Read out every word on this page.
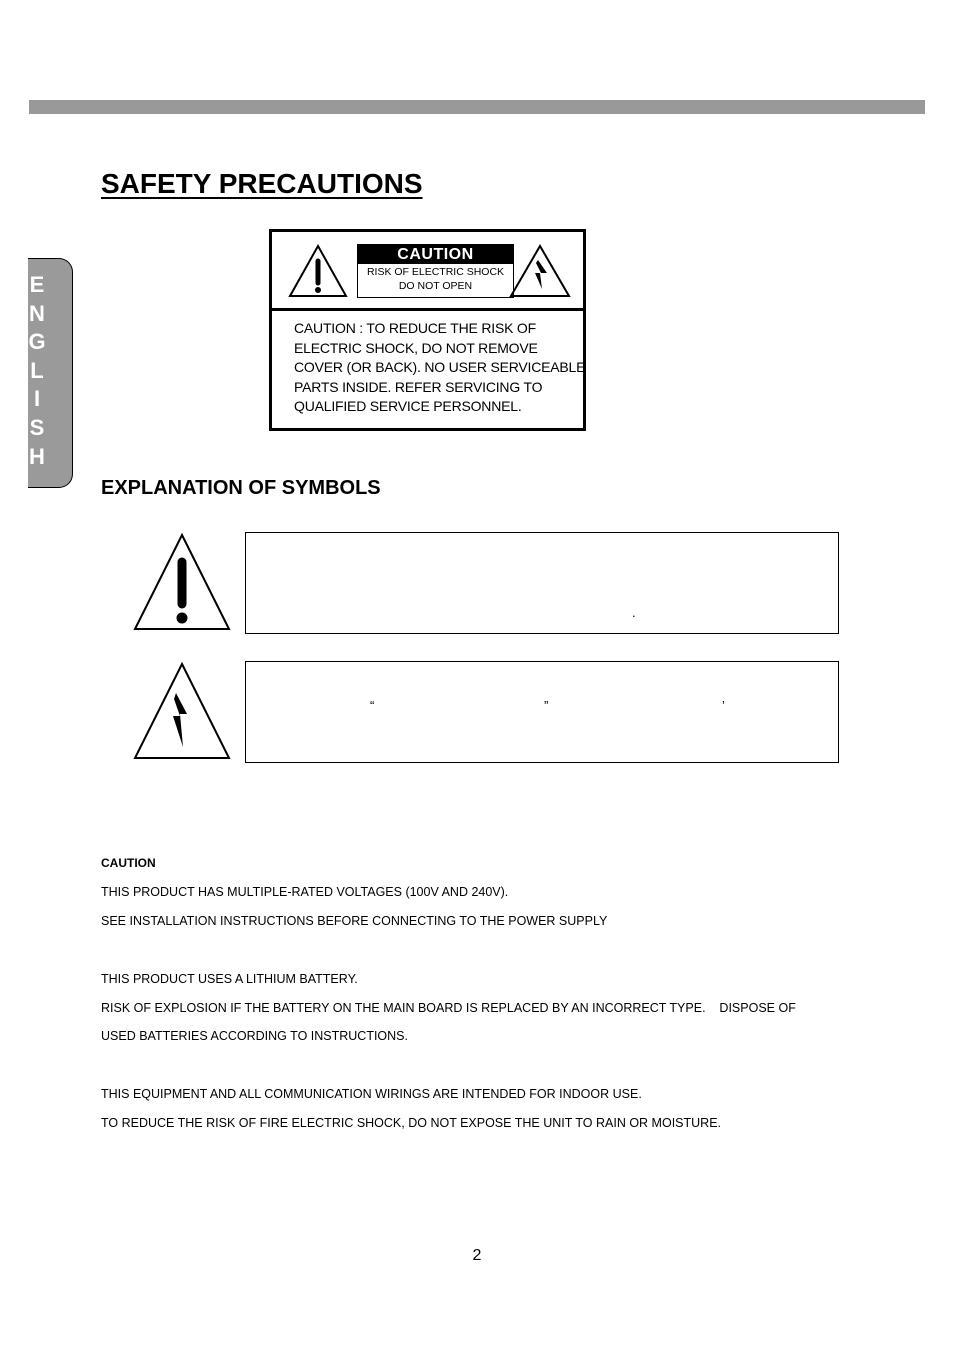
E
N
G
L
I
S
H
SAFETY PRECAUTIONS
CAUTION
RISK OF ELECTRIC SHOCK
DO NOT OPEN
CAUTION : TO REDUCE THE RISK OF
ELECTRIC SHOCK, DO NOT REMOVE
COVER (OR BACK). NO USER SERVICEABLE
PARTS INSIDE. REFER SERVICING TO
QUALIFIED SERVICE PERSONNEL.
EXPLANATION OF SYMBOLS
.
“	”	’

CAUTION

THIS PRODUCT HAS MULTIPLE-RATED VOLTAGES (100V AND 240V).

SEE INSTALLATION INSTRUCTIONS BEFORE CONNECTING TO THE POWER SUPPLY

THIS PRODUCT USES A LITHIUM BATTERY.

RISK OF EXPLOSION IF THE BATTERY ON THE MAIN BOARD IS REPLACED BY AN INCORRECT TYPE.    DISPOSE OF

USED BATTERIES ACCORDING TO INSTRUCTIONS.

THIS EQUIPMENT AND ALL COMMUNICATION WIRINGS ARE INTENDED FOR INDOOR USE.

TO REDUCE THE RISK OF FIRE ELECTRIC SHOCK, DO NOT EXPOSE THE UNIT TO RAIN OR MOISTURE.

2
